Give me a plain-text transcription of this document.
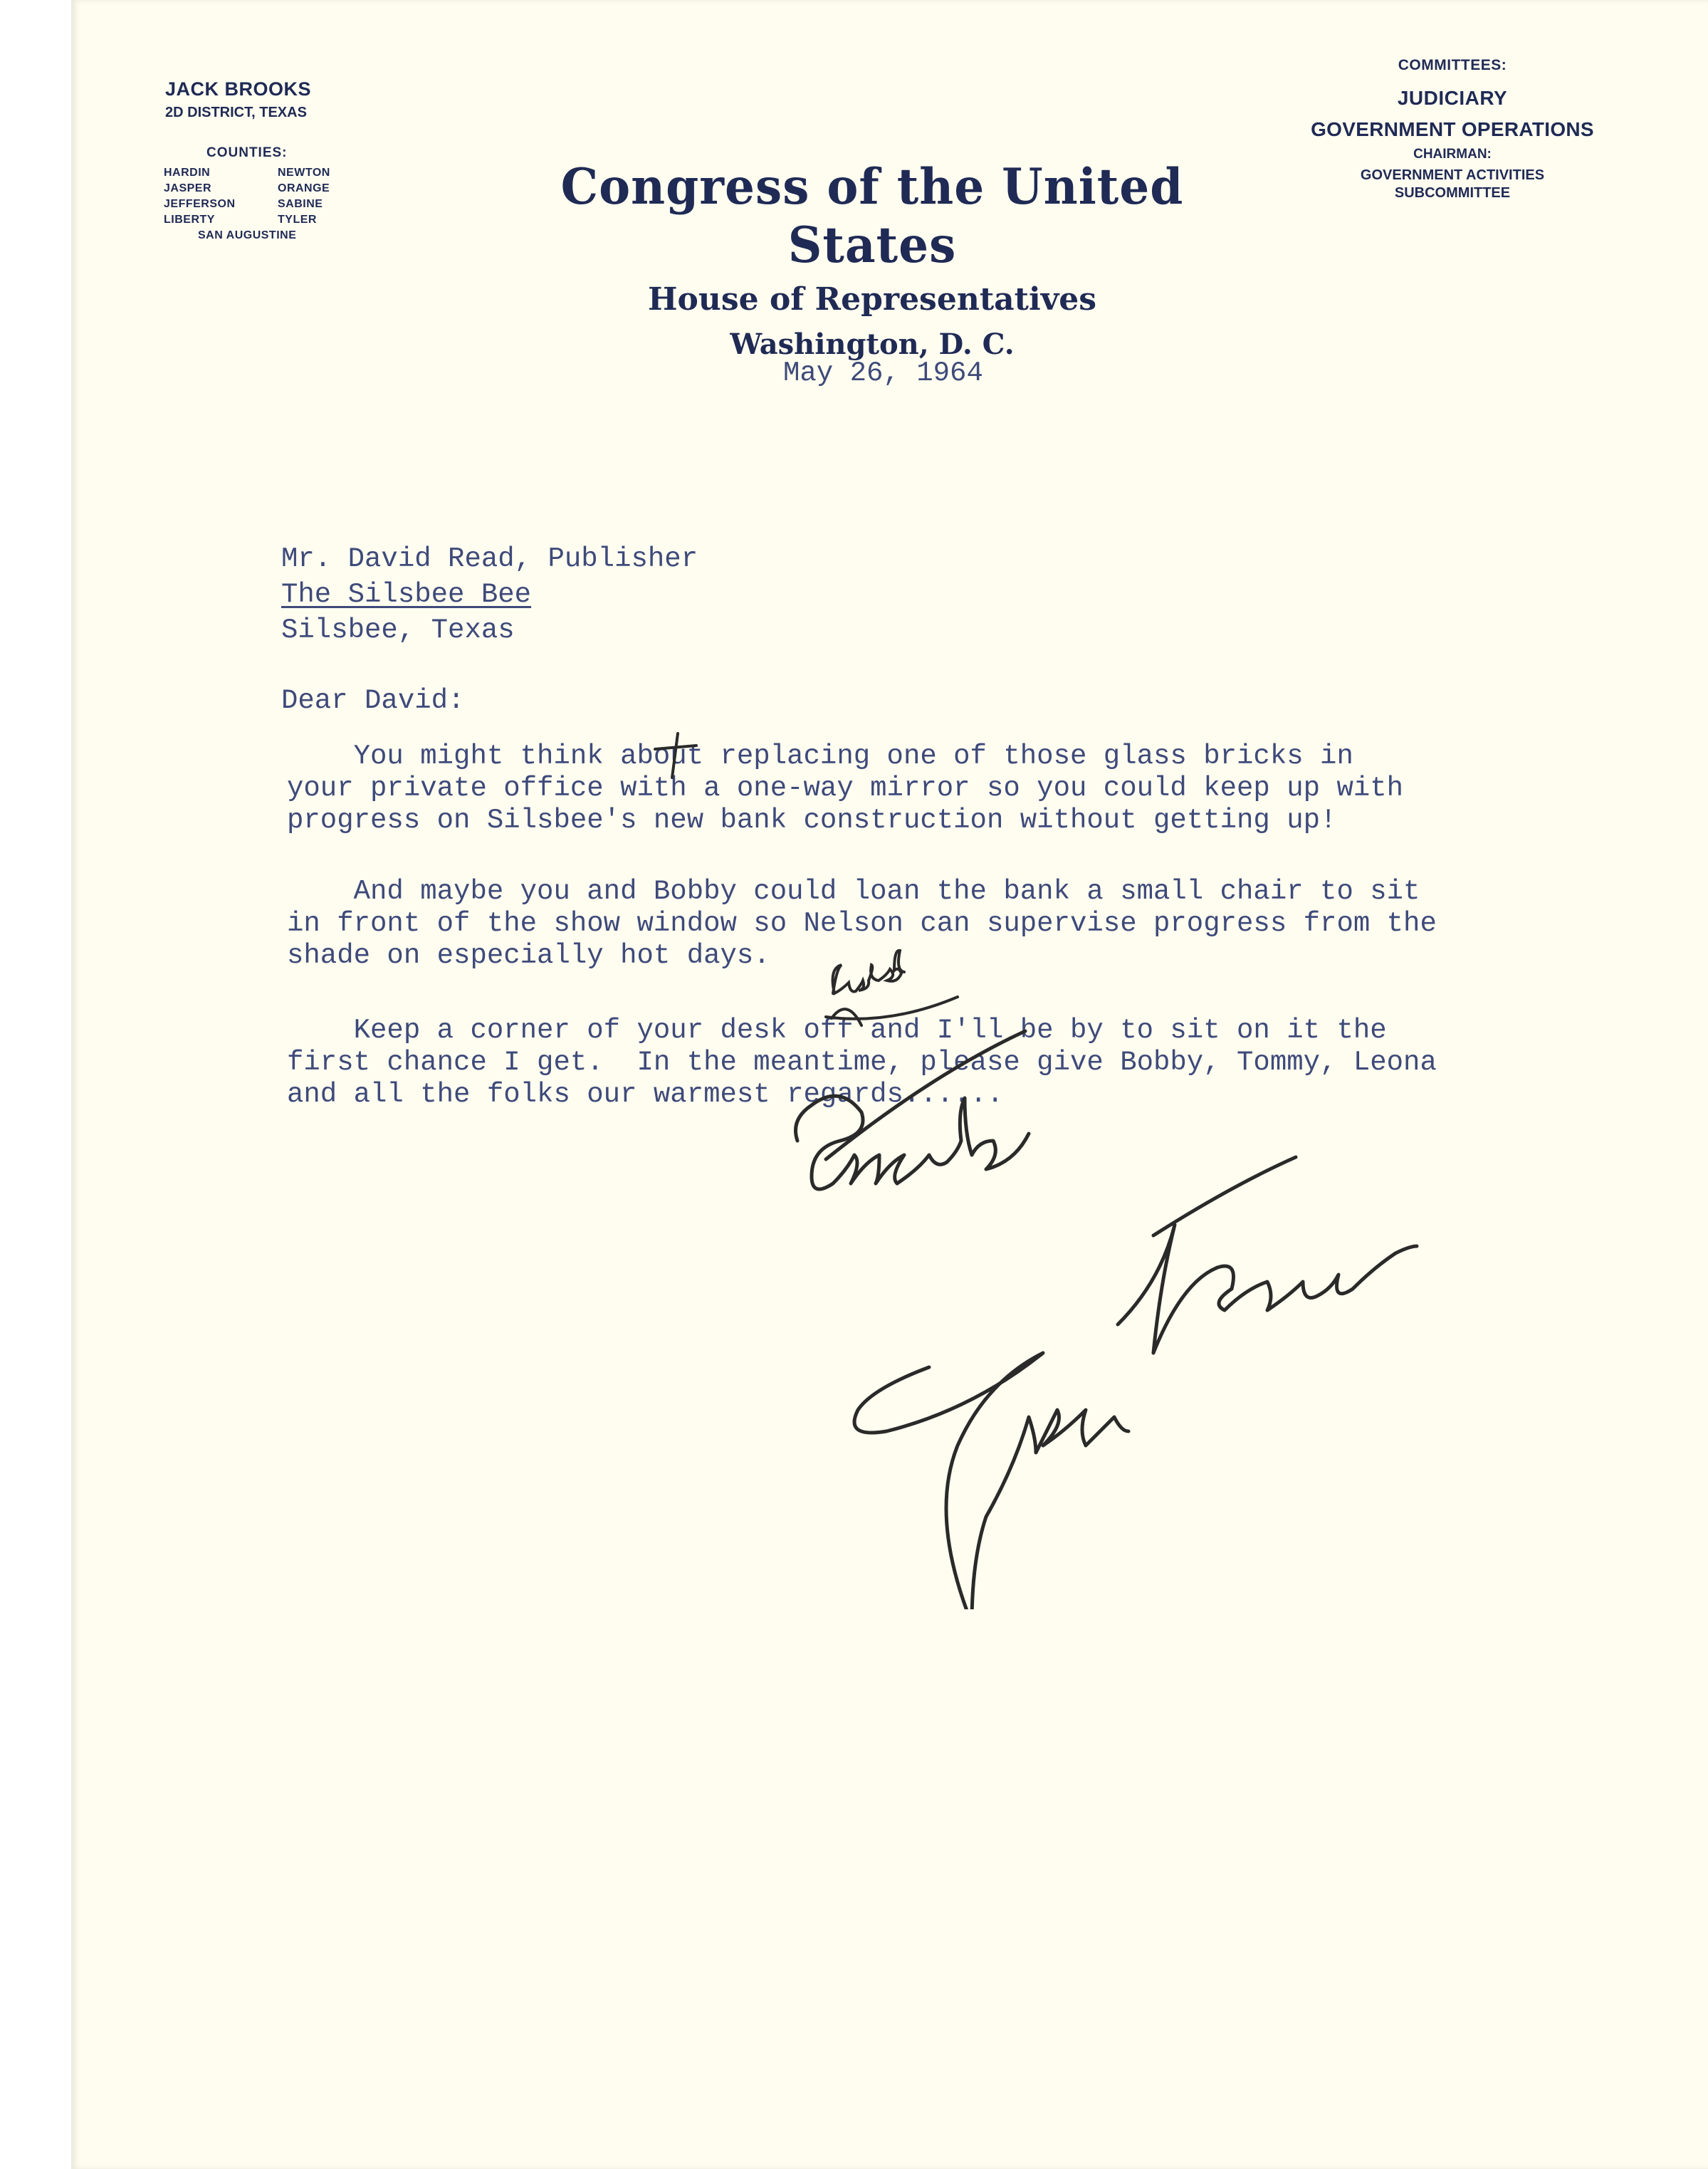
JACK BROOKS
2D DISTRICT, TEXAS
COUNTIES:
HARDIN	NEWTON
JASPER	ORANGE
JEFFERSON	SABINE
LIBERTY	TYLER
SAN AUGUSTINE
Congress of the United States
House of Representatives
Washington, D. C.
COMMITTEES:
JUDICIARY
GOVERNMENT OPERATIONS
CHAIRMAN:
GOVERNMENT ACTIVITIES
SUBCOMMITTEE
May 26, 1964
Mr. David Read, Publisher
The Silsbee Bee
Silsbee, Texas
Dear David:
You might think about replacing one of those glass bricks in
your private office with a one-way mirror so you could keep up with
progress on Silsbee's new bank construction without getting up!
And maybe you and Bobby could loan the bank a small chair to sit
in front of the show window so Nelson can supervise progress from the
shade on especially hot days.
Keep a corner of your desk off and I'll be by to sit on it the
first chance I get.  In the meantime, please give Bobby, Tommy, Leona
and all the folks our warmest regards......
